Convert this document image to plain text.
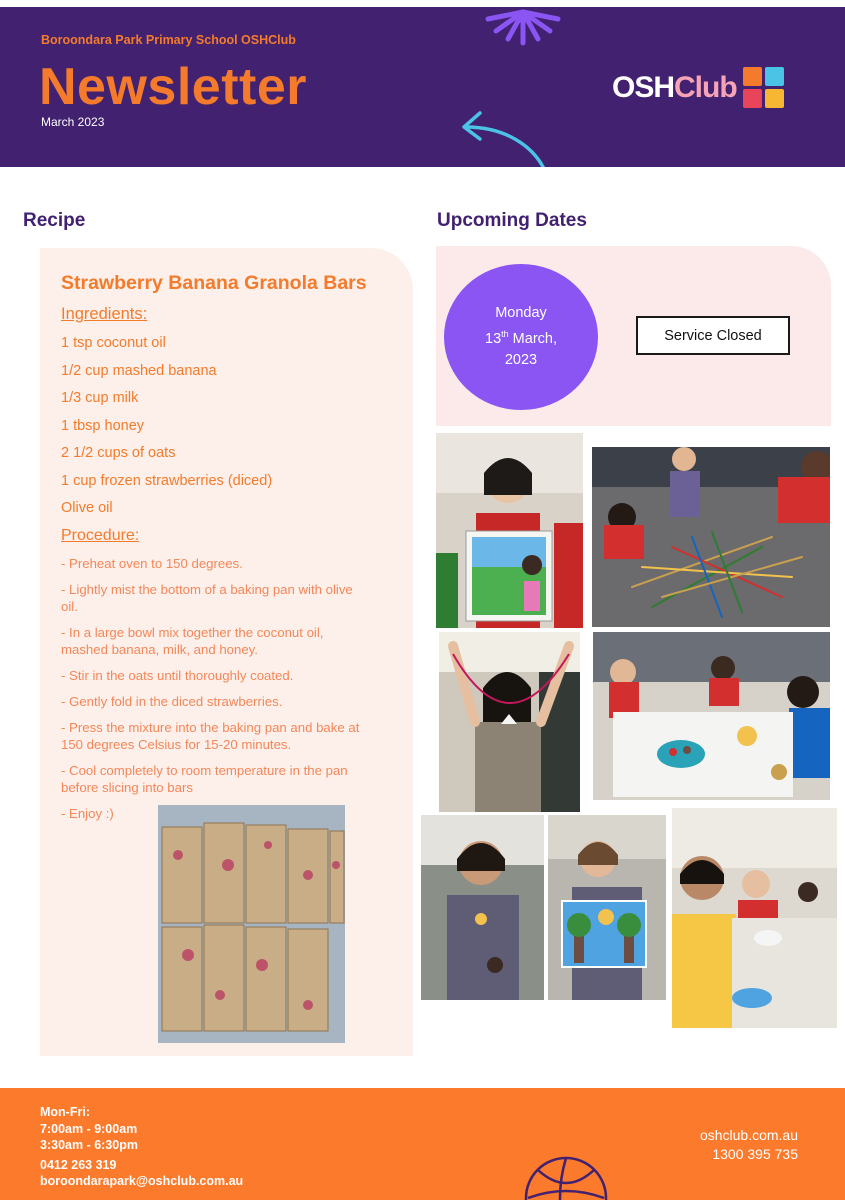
Boroondara Park Primary School OSHClub
Newsletter
March 2023
OSHClub
Recipe	Upcoming Dates
Strawberry Banana Granola Bars
Ingredients:
1 tsp coconut oil
1/2 cup mashed banana
1/3 cup milk
1 tbsp honey
2 1/2 cups of oats
1 cup frozen strawberries (diced)
Olive oil
Procedure:
- Preheat oven to 150 degrees.
- Lightly mist the bottom of a baking pan with olive oil.
- In a large bowl mix together the coconut oil, mashed banana, milk, and honey.
- Stir in the oats until thoroughly coated.
- Gently fold in the diced strawberries.
- Press the mixture into the baking pan and bake at 150 degrees Celsius for 15-20 minutes.
- Cool completely to room temperature in the pan before slicing into bars
- Enjoy :)
Monday
13th March,
2023
Service Closed
Mon-Fri:
7:00am - 9:00am
3:30am - 6:30pm
0412 263 319
boroondarapark@oshclub.com.au
oshclub.com.au
1300 395 735
